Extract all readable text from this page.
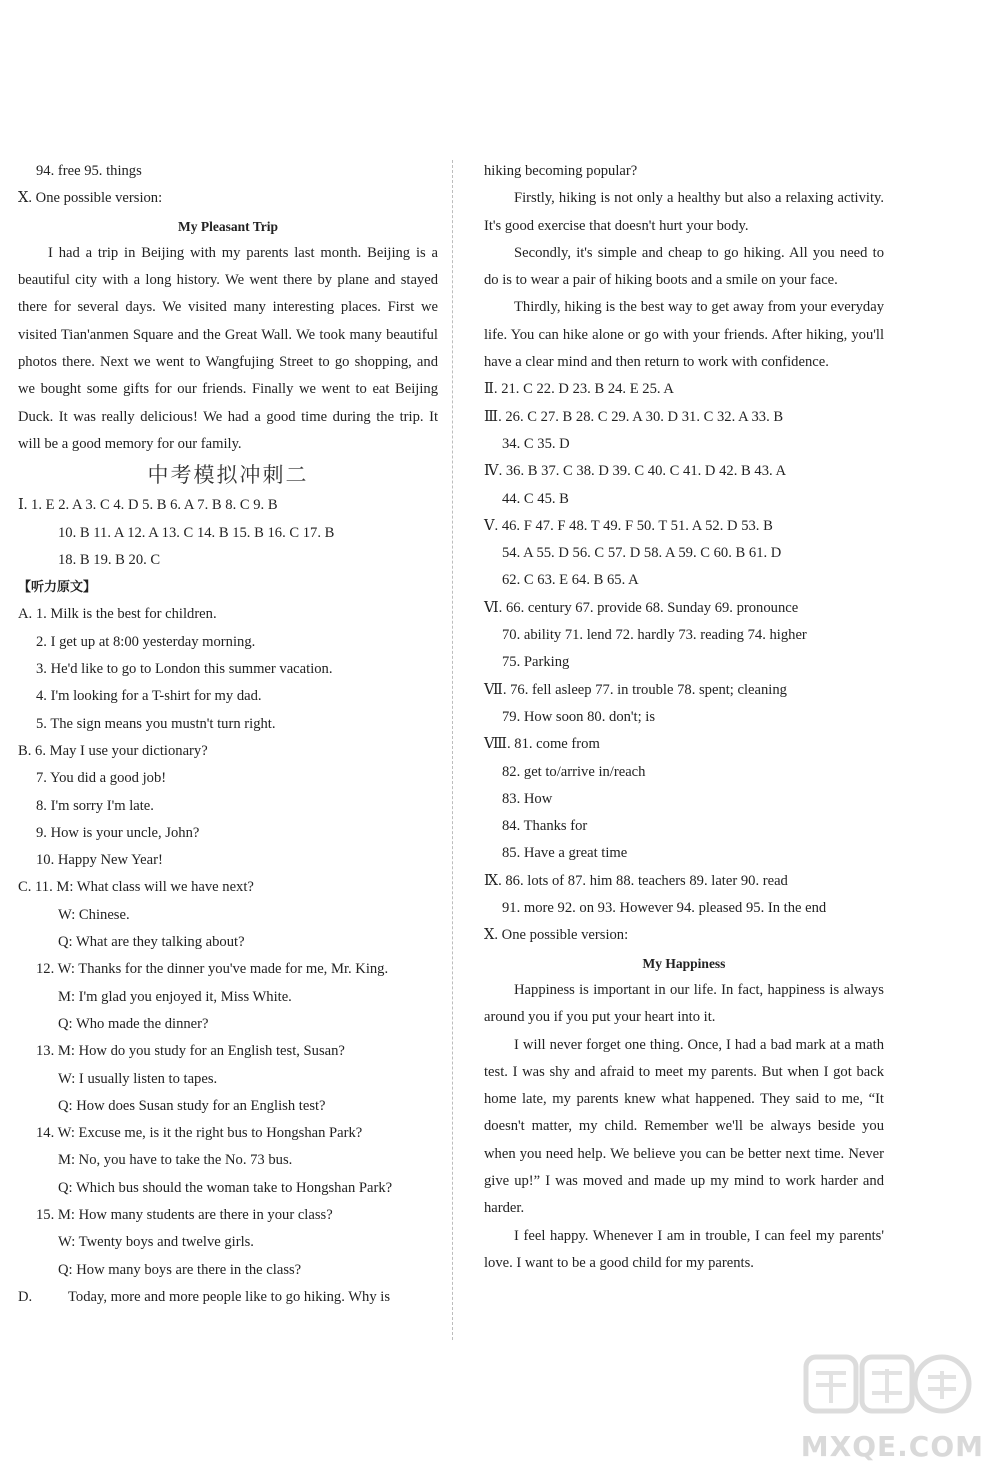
94. free 95. things
Ⅹ. One possible version:
My Pleasant Trip

I had a trip in Beijing with my parents last month. Beijing is a beautiful city with a long history. We went there by plane and stayed there for several days. We visited many interesting places. First we visited Tian'anmen Square and the Great Wall. We took many beautiful photos there. Next we went to Wangfujing Street to go shopping, and we bought some gifts for our friends. Finally we went to eat Beijing Duck. It was really delicious! We had a good time during the trip. It will be a good memory for our family.

中考模拟冲刺二
Ⅰ. 1. E 2. A 3. C 4. D 5. B 6. A 7. B 8. C 9. B
10. B 11. A 12. A 13. C 14. B 15. B 16. C 17. B
18. B 19. B 20. C
【听力原文】
A. 1. Milk is the best for children.
2. I get up at 8:00 yesterday morning.
3. He'd like to go to London this summer vacation.
4. I'm looking for a T-shirt for my dad.
5. The sign means you mustn't turn right.
B. 6. May I use your dictionary?
7. You did a good job!
8. I'm sorry I'm late.
9. How is your uncle, John?
10. Happy New Year!
C. 11. M: What class will we have next?
W: Chinese.
Q: What are they talking about?
12. W: Thanks for the dinner you've made for me, Mr. King.
M: I'm glad you enjoyed it, Miss White.
Q: Who made the dinner?
13. M: How do you study for an English test, Susan?
W: I usually listen to tapes.
Q: How does Susan study for an English test?
14. W: Excuse me, is it the right bus to Hongshan Park?
M: No, you have to take the No. 73 bus.
Q: Which bus should the woman take to Hongshan Park?
15. M: How many students are there in your class?
W: Twenty boys and twelve girls.
Q: How many boys are there in the class?
D. Today, more and more people like to go hiking. Why is
hiking becoming popular?

Firstly, hiking is not only a healthy but also a relaxing activity. It's good exercise that doesn't hurt your body.

Secondly, it's simple and cheap to go hiking. All you need to do is to wear a pair of hiking boots and a smile on your face.

Thirdly, hiking is the best way to get away from your everyday life. You can hike alone or go with your friends. After hiking, you'll have a clear mind and then return to work with confidence.

Ⅱ. 21. C 22. D 23. B 24. E 25. A
Ⅲ. 26. C 27. B 28. C 29. A 30. D 31. C 32. A 33. B
34. C 35. D
Ⅳ. 36. B 37. C 38. D 39. C 40. C 41. D 42. B 43. A
44. C 45. B
Ⅴ. 46. F 47. F 48. T 49. F 50. T 51. A 52. D 53. B
54. A 55. D 56. C 57. D 58. A 59. C 60. B 61. D
62. C 63. E 64. B 65. A
Ⅵ. 66. century 67. provide 68. Sunday 69. pronounce
70. ability 71. lend 72. hardly 73. reading 74. higher
75. Parking
Ⅶ. 76. fell asleep 77. in trouble 78. spent; cleaning
79. How soon 80. don't; is
Ⅷ. 81. come from
82. get to/arrive in/reach
83. How
84. Thanks for
85. Have a great time
Ⅸ. 86. lots of 87. him 88. teachers 89. later 90. read
91. more 92. on 93. However 94. pleased 95. In the end
Ⅹ. One possible version:
My Happiness

Happiness is important in our life. In fact, happiness is always around you if you put your heart into it.

I will never forget one thing. Once, I had a bad mark at a math test. I was shy and afraid to meet my parents. But when I got back home late, my parents knew what happened. They said to me, “It doesn't matter, my child. Remember we'll be always beside you when you need help. We believe you can be better next time. Never give up!” I was moved and made up my mind to work harder and harder.

I feel happy. Whenever I am in trouble, I can feel my parents' love. I want to be a good child for my parents.

MXQE.COM
